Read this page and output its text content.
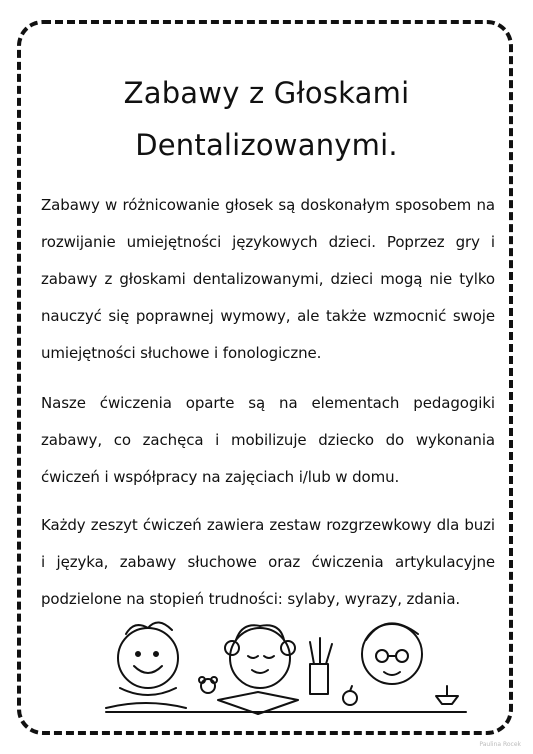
Zabawy z Głoskami
Dentalizowanymi.

Zabawy w różnicowanie głosek są doskonałym sposobem na rozwijanie umiejętności językowych dzieci. Poprzez gry i zabawy z głoskami dentalizowanymi, dzieci mogą nie tylko nauczyć się poprawnej wymowy, ale także wzmocnić swoje umiejętności słuchowe i fonologiczne.

Nasze ćwiczenia oparte są na elementach pedagogiki zabawy, co zachęca i mobilizuje dziecko do wykonania ćwiczeń i współpracy na zajęciach i/lub w domu.

Każdy zeszyt ćwiczeń zawiera zestaw rozgrzewkowy dla buzi i języka, zabawy słuchowe oraz ćwiczenia artykulacyjne podzielone na stopień trudności: sylaby, wyrazy, zdania.

Paulina Rocek
